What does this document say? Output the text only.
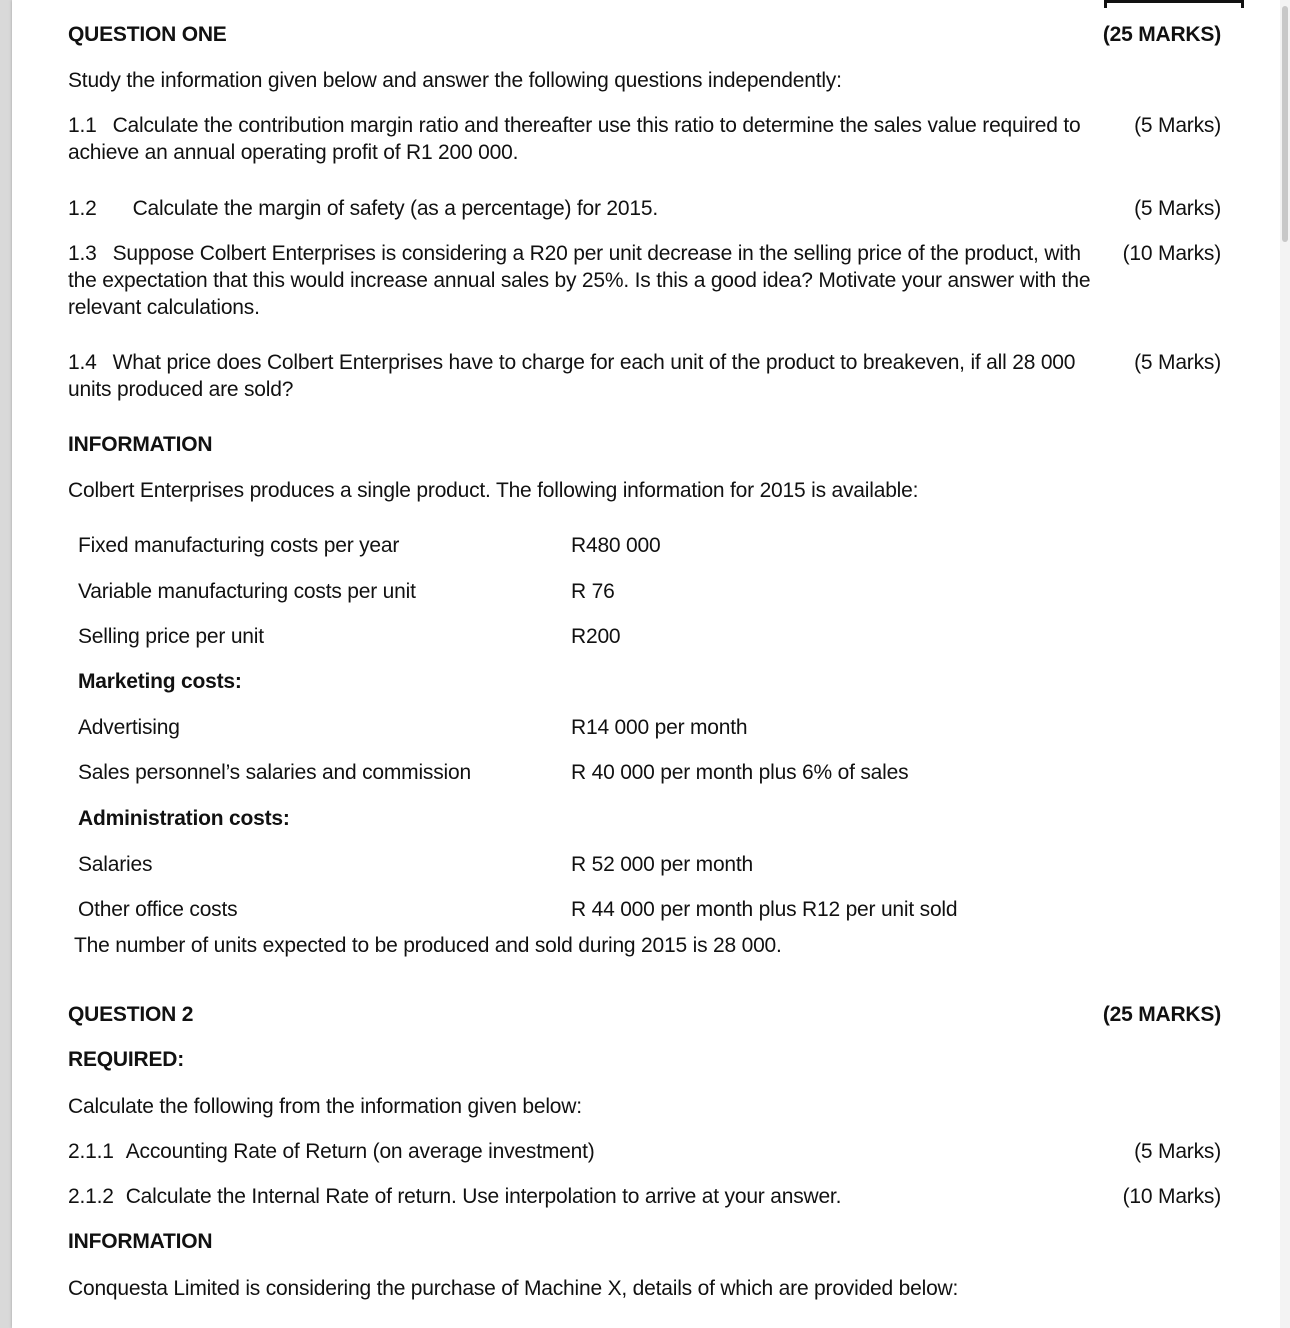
QUESTION ONE	(25 MARKS)
Study the information given below and answer the following questions independently:
1.1 Calculate the contribution margin ratio and thereafter use this ratio to determine the sales value required to
achieve an annual operating profit of R1 200 000.
(5 Marks)
1.2 Calculate the margin of safety (as a percentage) for 2015.	(5 Marks)
1.3 Suppose Colbert Enterprises is considering a R20 per unit decrease in the selling price of the product, with
the expectation that this would increase annual sales by 25%. Is this a good idea? Motivate your answer with the
relevant calculations.
(10 Marks)
1.4 What price does Colbert Enterprises have to charge for each unit of the product to breakeven, if all 28 000
units produced are sold?
(5 Marks)
INFORMATION
Colbert Enterprises produces a single product. The following information for 2015 is available:
Fixed manufacturing costs per year	R480 000
Variable manufacturing costs per unit	R 76
Selling price per unit	R200
Marketing costs:
Advertising	R14 000 per month
Sales personnel’s salaries and commission	R 40 000 per month plus 6% of sales
Administration costs:
Salaries	R 52 000 per month
Other office costs	R 44 000 per month plus R12 per unit sold
The number of units expected to be produced and sold during 2015 is 28 000.
QUESTION 2	(25 MARKS)
REQUIRED:
Calculate the following from the information given below:
2.1.1 Accounting Rate of Return (on average investment)	(5 Marks)
2.1.2 Calculate the Internal Rate of return. Use interpolation to arrive at your answer.	(10 Marks)
INFORMATION
Conquesta Limited is considering the purchase of Machine X, details of which are provided below:
